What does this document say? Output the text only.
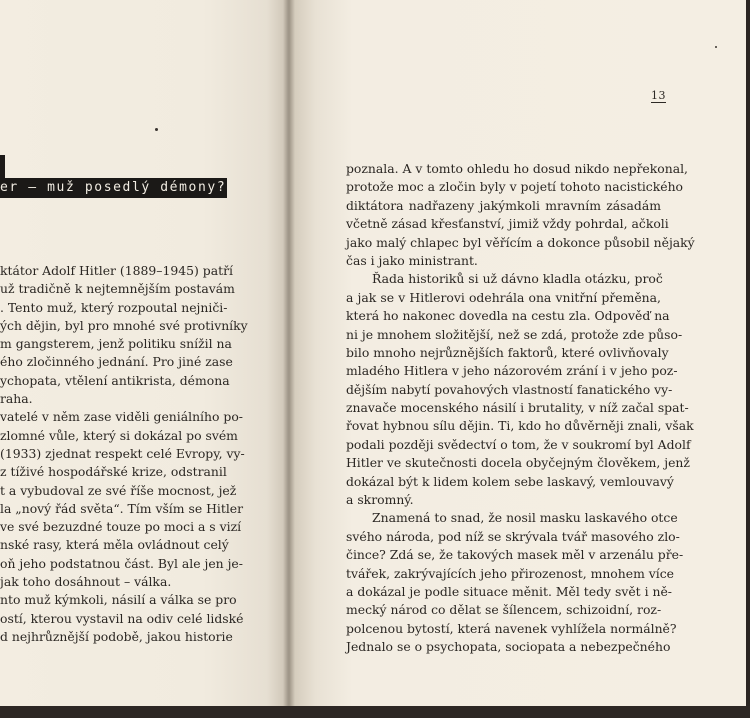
er – muž posedlý démony?
ktátor Adolf Hitler (1889–1945) patří
už tradičně k nejtemnějším postavám
. Tento muž, který rozpoutal nejniči-
ých dějin, byl pro mnohé své protivníky
m gangsterem, jenž politiku snížil na
ého zločinného jednání. Pro jiné zase
ychopata, vtělení antikrista, démona
raha.
vatelé v něm zase viděli geniálního po-
zlomné vůle, který si dokázal po svém
(1933) zjednat respekt celé Evropy, vy-
z tíživé hospodářské krize, odstranil
t a vybudoval ze své říše mocnost, jež
la „nový řád světa“. Tím vším se Hitler
ve své bezuzdné touze po moci a s vizí
nské rasy, která měla ovládnout celý
oň jeho podstatnou část. Byl ale jen je-
jak toho dosáhnout – válka.
nto muž kýmkoli, násilí a válka se pro
ostí, kterou vystavil na odiv celé lidské
d nejhrůznější podobě, jakou historie
13
poznala. A v tomto ohledu ho dosud nikdo nepřekonal,
protože moc a zločin byly v pojetí tohoto nacistického
diktátora nadřazeny jakýmkoli mravním zásadám
včetně zásad křesťanství, jimiž vždy pohrdal, ačkoli
jako malý chlapec byl věřícím a dokonce působil nějaký
čas i jako ministrant.
Řada historiků si už dávno kladla otázku, proč
a jak se v Hitlerovi odehrála ona vnitřní přeměna,
která ho nakonec dovedla na cestu zla. Odpověď na
ni je mnohem složitější, než se zdá, protože zde půso-
bilo mnoho nejrůznějších faktorů, které ovlivňovaly
mladého Hitlera v jeho názorovém zrání i v jeho poz-
dějším nabytí povahových vlastností fanatického vy-
znavače mocenského násilí i brutality, v níž začal spat-
řovat hybnou sílu dějin. Ti, kdo ho důvěrněji znali, však
podali později svědectví o tom, že v soukromí byl Adolf
Hitler ve skutečnosti docela obyčejným člověkem, jenž
dokázal být k lidem kolem sebe laskavý, vemlouvavý
a skromný.
Znamená to snad, že nosil masku laskavého otce
svého národa, pod níž se skrývala tvář masového zlo-
čince? Zdá se, že takových masek měl v arzenálu pře-
tvářek, zakrývajících jeho přirozenost, mnohem více
a dokázal je podle situace měnit. Měl tedy svět i ně-
mecký národ co dělat se šílencem, schizoidní, roz-
polcenou bytostí, která navenek vyhlížela normálně?
Jednalo se o psychopata, sociopata a nebezpečného
